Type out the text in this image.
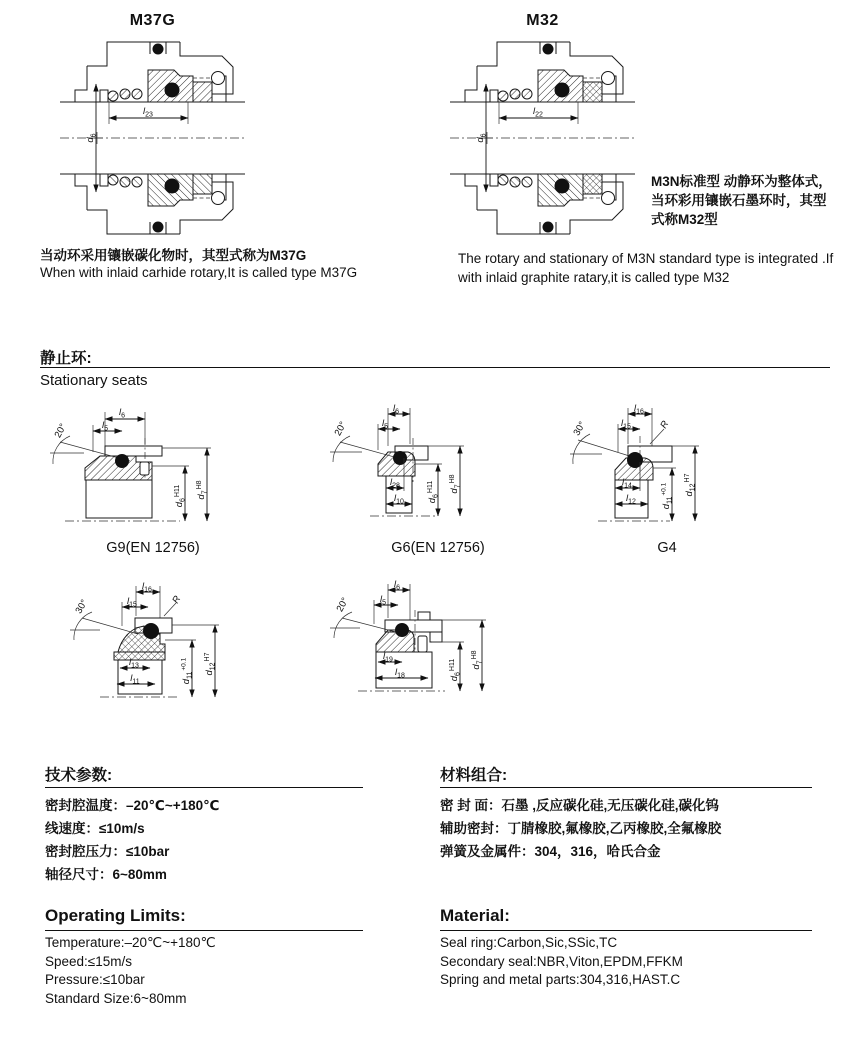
M37G
$l_{23}$
$d_6$
当动环采用镶嵌碳化物时，其型式称为M37G
When with inlaid carhide rotary,It is called type M37G
M32
$l_{22}$
$d_6$
M3N标准型 动静环为整体式，
当环彩用镶嵌石墨环时，其型
式称M32型
The rotary and stationary of M3N standard type is integrated .If
with inlaid graphite ratary,it is called type M32
静止环:
Stationary seats
$l_6$
$l_5$
20°
$d_6^{H11}$	$d_7^{H8}$
$l_6$
$l_5$
20°
$l_{28}$
$l_{10}$ $d_6^{H11}$	$d_7^{H8}$
$l_{16}$
$l_{15}$
30°	R
$l_{14}$
$l_{12}$
$d_{11}^{+0.1}$	$d_{12}^{H7}$
G9(EN 12756)	G6(EN 12756)	G4
$l_{16}$
$l_{15}$
30°	R
$l_{13}$
$l_{11}$	$d_{11}^{+0.1}$
$d_{12}^{H7}$
$l_6$
$l_5$
20°
$l_{19}$
$l_{18}$	$d_6^{H11}$	$d_7^{H8}$
技术参数:
密封腔温度：–20℃~+180℃
线速度：≤10m/s
密封腔压力：≤10bar
轴径尺寸：6~80mm
材料组合:
密 封 面：石墨 ,反应碳化硅,无压碳化硅,碳化钨
辅助密封：丁腈橡胶,氟橡胶,乙丙橡胶,全氟橡胶
弹簧及金属件：304，316，哈氏合金
Operating Limits:
Temperature:–20℃~+180℃
Speed:≤15m/s
Pressure:≤10bar
Standard Size:6~80mm
Material:
Seal ring:Carbon,Sic,SSic,TC
Secondary seal:NBR,Viton,EPDM,FFKM
Spring and metal parts:304,316,HAST.C
